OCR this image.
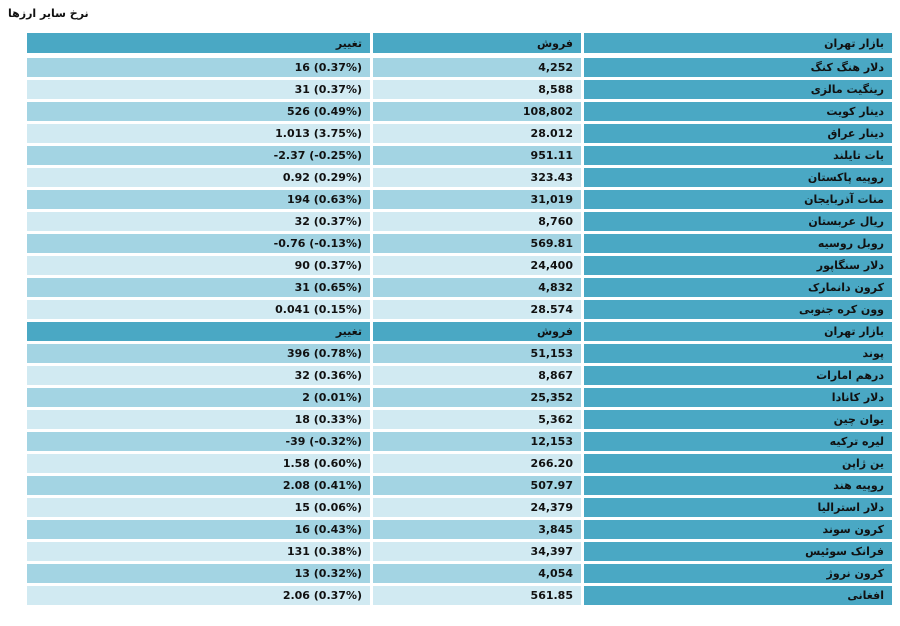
نرخ سایر ارزها
تغییر	فروش	بازار تهران
16 (0.37%)	4,252	دلار هنگ کنگ
31 (0.37%)	8,588	رینگیت مالزی
526 (0.49%)	108,802	دینار کویت
1.013 (3.75%)	28.012	دینار عراق
-2.37 (-0.25%)	951.11	بات تایلند
0.92 (0.29%)	323.43	روپیه پاکستان
194 (0.63%)	31,019	منات آذربایجان
32 (0.37%)	8,760	ریال عربستان
-0.76 (-0.13%)	569.81	روبل روسیه
90 (0.37%)	24,400	دلار سنگاپور
31 (0.65%)	4,832	کرون دانمارک
0.041 (0.15%)	28.574	وون کره جنوبی
تغییر	فروش	بازار تهران
396 (0.78%)	51,153	پوند
32 (0.36%)	8,867	درهم امارات
2 (0.01%)	25,352	دلار کانادا
18 (0.33%)	5,362	یوان چین
-39 (-0.32%)	12,153	لیره ترکیه
1.58 (0.60%)	266.20	ین ژاپن
2.08 (0.41%)	507.97	روپیه هند
15 (0.06%)	24,379	دلار استرالیا
16 (0.43%)	3,845	کرون سوند
131 (0.38%)	34,397	فرانک سوئیس
13 (0.32%)	4,054	کرون نروژ
2.06 (0.37%)	561.85	افغانی
